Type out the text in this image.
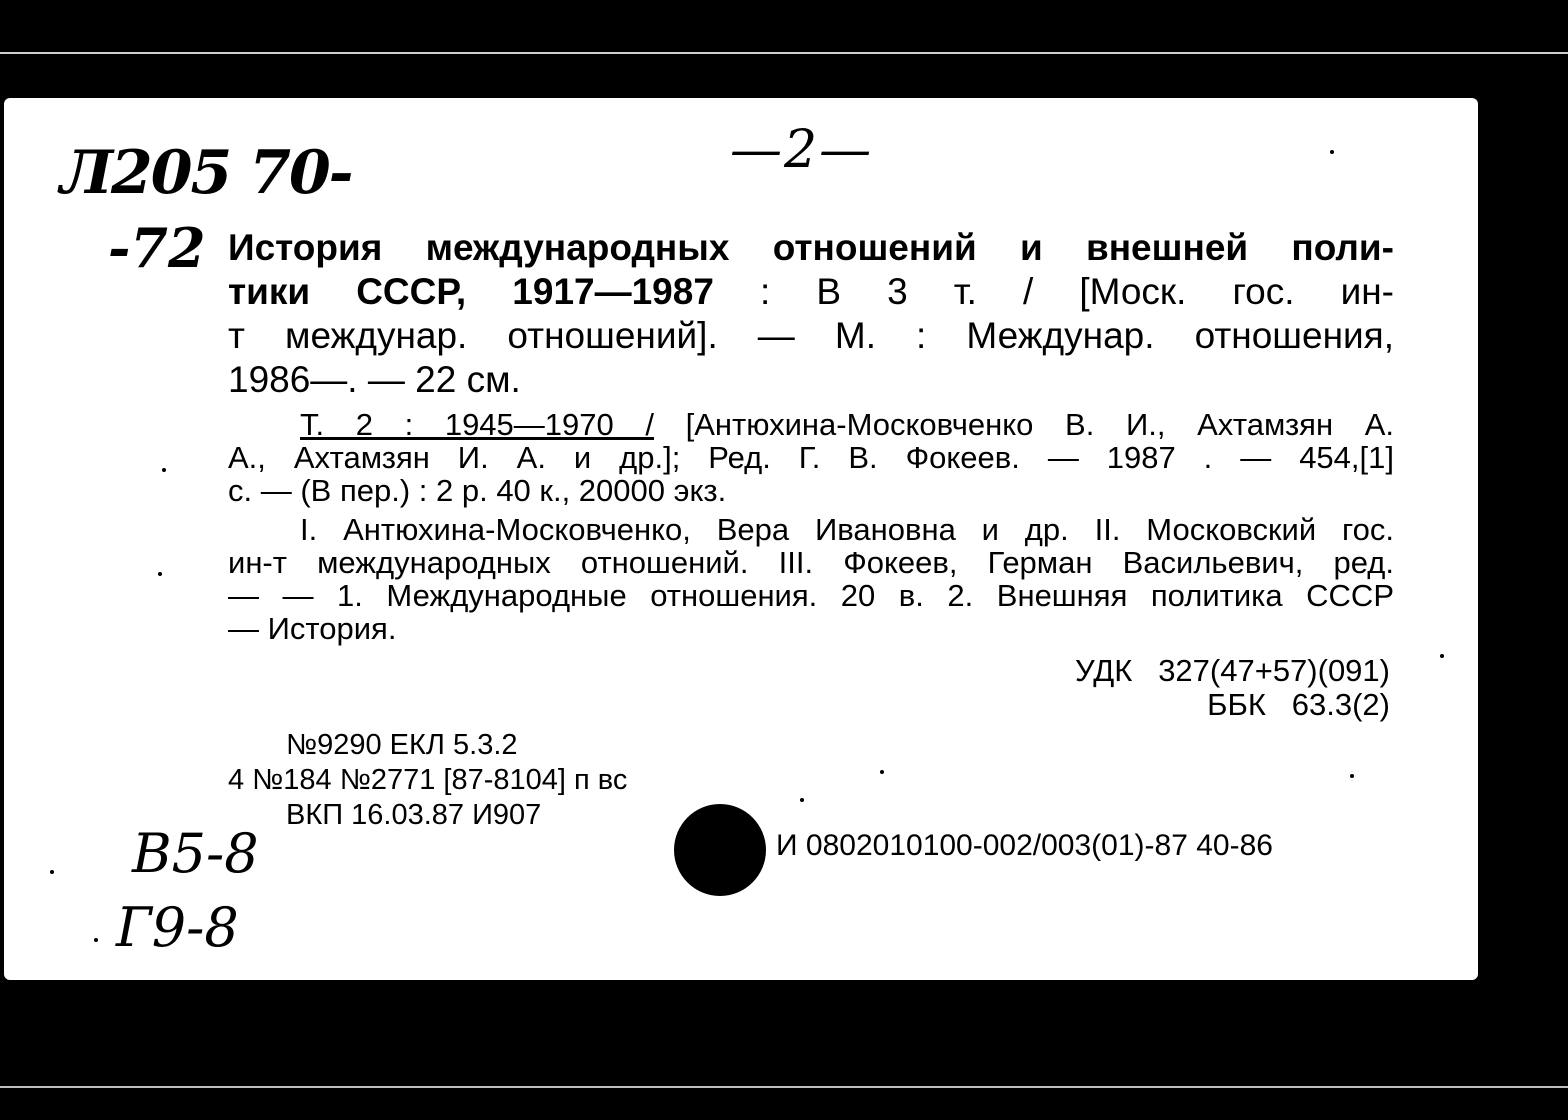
Л205 70-
-72
—2—
История международных отношений и внешней поли-
тики СССР, 1917—1987 : В 3 т. / [Моск. гос. ин-
т междунар. отношений]. — М. : Междунар. отношения,
1986—. — 22 см.
Т. 2 : 1945—1970 / [Антюхина-Московченко В. И., Ахтамзян А.
А., Ахтамзян И. А. и др.]; Ред. Г. В. Фокеев. — 1987 . — 454,[1]
с. — (В пер.) : 2 р. 40 к., 20000 экз.
I. Антюхина-Московченко, Вера Ивановна и др. II. Московский гос.
ин-т международных отношений. III. Фокеев, Герман Васильевич, ред.
— — 1. Международные отношения. 20 в. 2. Внешняя политика СССР
— История.
УДК 327(47+57)(091)
ББК 63.3(2)
№9290 ЕКЛ 5.3.2
4 №184 №2771 [87-8104] п вс
ВКП 16.03.87 И907
И 0802010100-002/003(01)-87 40-86
В5-8
Г9-8
